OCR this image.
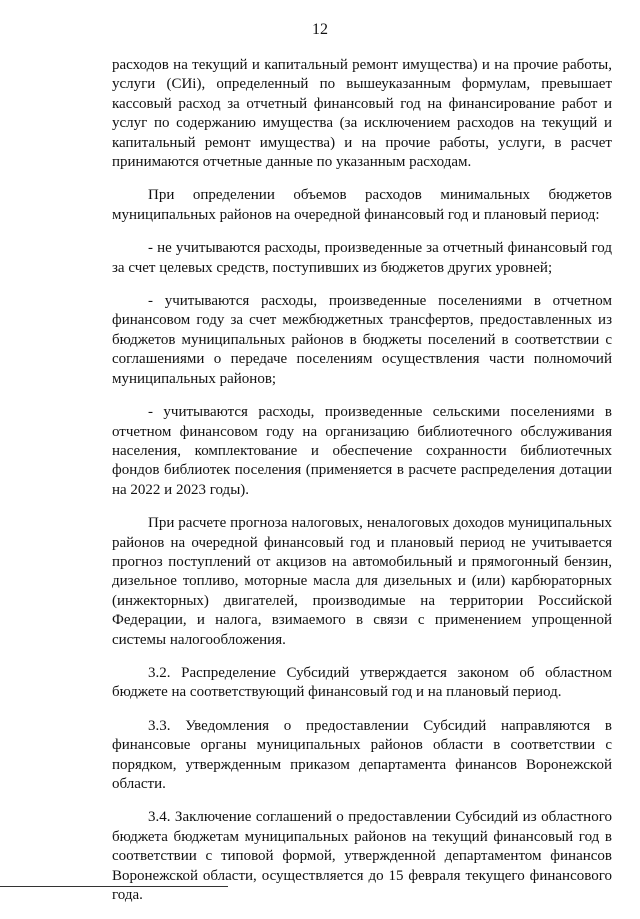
12

расходов на текущий и капитальный ремонт имущества) и на прочие работы, услуги (СИi), определенный по вышеуказанным формулам, превышает кассовый расход за отчетный финансовый год на финансирование работ и услуг по содержанию имущества (за исключением расходов на текущий и капитальный ремонт имущества) и на прочие работы, услуги, в расчет принимаются отчетные данные по указанным расходам.

При определении объемов расходов минимальных бюджетов муниципальных районов на очередной финансовый год и плановый период:

- не учитываются расходы, произведенные за отчетный финансовый год за счет целевых средств, поступивших из бюджетов других уровней;

- учитываются расходы, произведенные поселениями в отчетном финансовом году за счет межбюджетных трансфертов, предоставленных из бюджетов муниципальных районов в бюджеты поселений в соответствии с соглашениями о передаче поселениям осуществления части полномочий муниципальных районов;

- учитываются расходы, произведенные сельскими поселениями в отчетном финансовом году на организацию библиотечного обслуживания населения, комплектование и обеспечение сохранности библиотечных фондов библиотек поселения (применяется в расчете распределения дотации на 2022 и 2023 годы).

При расчете прогноза налоговых, неналоговых доходов муниципальных районов на очередной финансовый год и плановый период не учитывается прогноз поступлений от акцизов на автомобильный и прямогонный бензин, дизельное топливо, моторные масла для дизельных и (или) карбюраторных (инжекторных) двигателей, производимые на территории Российской Федерации, и налога, взимаемого в связи с применением упрощенной системы налогообложения.

3.2. Распределение Субсидий утверждается законом об областном бюджете на соответствующий финансовый год и на плановый период.

3.3. Уведомления о предоставлении Субсидий направляются в финансовые органы муниципальных районов области в соответствии с порядком, утвержденным приказом департамента финансов Воронежской области.

3.4. Заключение соглашений о предоставлении Субсидий из областного бюджета бюджетам муниципальных районов на текущий финансовый год в соответствии с типовой формой, утвержденной департаментом финансов Воронежской области, осуществляется до 15 февраля текущего финансового года.
